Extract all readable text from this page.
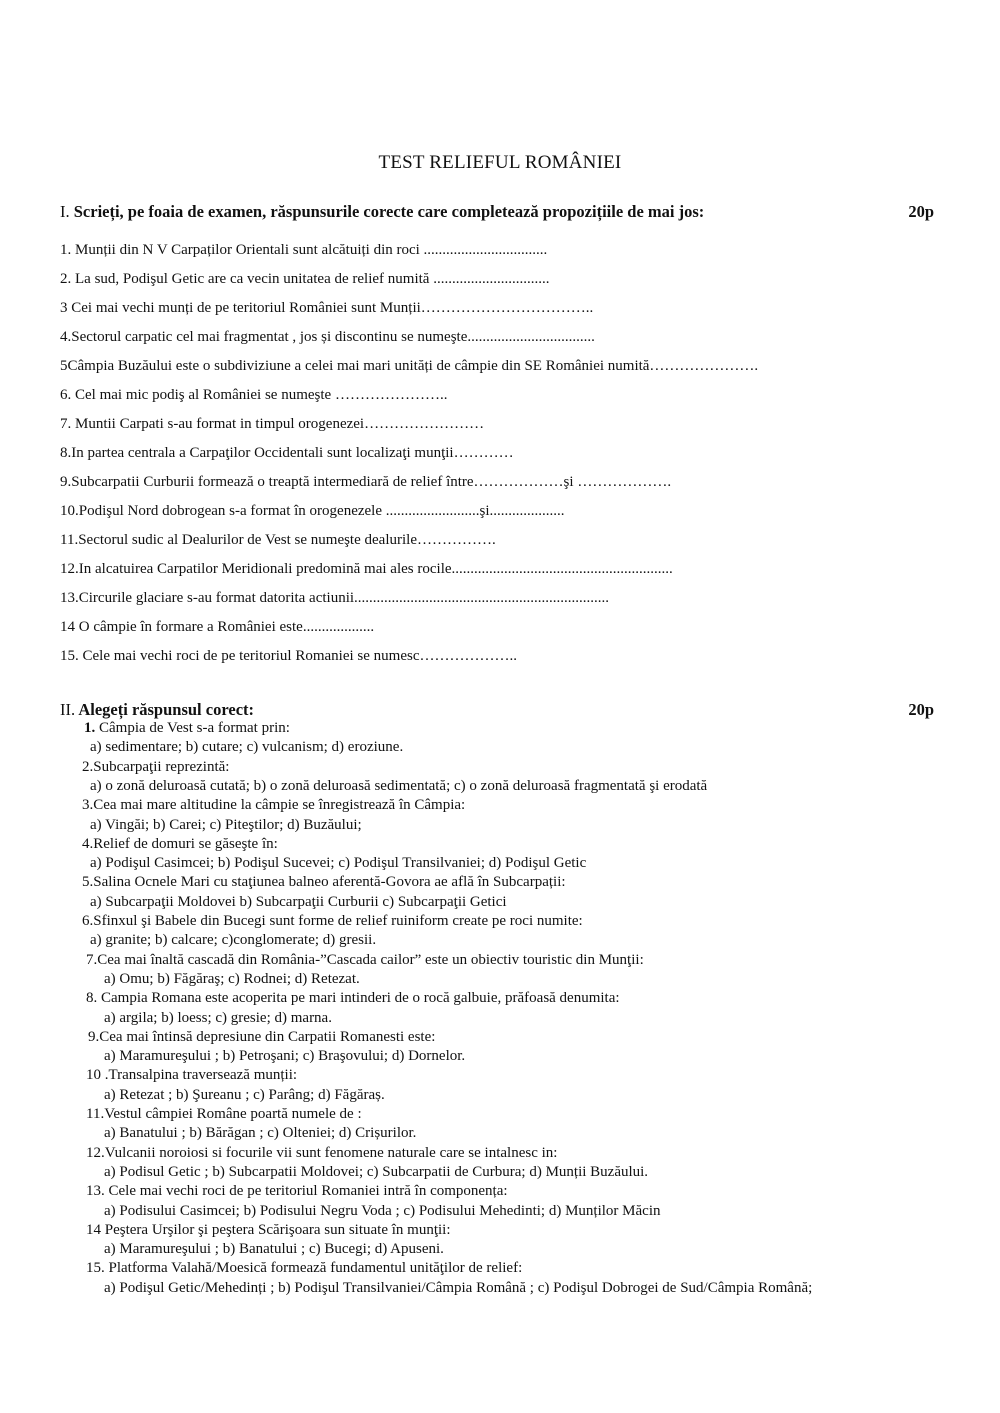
TEST RELIEFUL ROMÂNIEI
I. Scrieți, pe foaia de examen, răspunsurile corecte care completează propozițiile de mai jos:	20p
1. Munții din N V Carpaților Orientali sunt alcătuiți din roci .................................
2. La sud, Podişul Getic are ca vecin unitatea de relief numită ...............................
3 Cei mai vechi munți de pe teritoriul României sunt Munții……………………………..
4.Sectorul carpatic cel mai fragmentat , jos și discontinu se numeşte..................................
5Câmpia Buzăului este o subdiviziune a celei mai mari unități de câmpie din SE României numită………………….
6. Cel mai mic podiş al României se numeşte …………………..
7. Muntii Carpati s-au format in timpul orogenezei……………………
8.In partea centrala a Carpaţilor Occidentali sunt localizaţi munţii…………
9.Subcarpatii Curburii formează o treaptă intermediară de relief între………………şi ……………….
10.Podişul Nord dobrogean s-a format în orogenezele .........................şi....................
11.Sectorul sudic al Dealurilor de Vest se numeşte dealurile…………….
12.In alcatuirea Carpatilor Meridionali predomină mai ales rocile...........................................................
13.Circurile glaciare s-au format datorita actiunii....................................................................
14 O câmpie în formare a României este...................
15. Cele mai vechi roci de pe teritoriul Romaniei se numesc………………..
II. Alegeți răspunsul corect:	20p
1. Câmpia de Vest s-a format prin:
a) sedimentare; b) cutare; c) vulcanism; d) eroziune.
2.Subcarpaţii reprezintă:
a) o zonă deluroasă cutată; b) o zonă deluroasă sedimentată; c) o zonă deluroasă fragmentată şi erodată
3.Cea mai mare altitudine la câmpie se înregistrează în Câmpia:
a) Vingăi; b) Carei; c) Piteştilor; d) Buzăului;
4.Relief de domuri se găseşte în:
a) Podişul Casimcei; b) Podişul Sucevei; c) Podişul Transilvaniei; d) Podişul Getic
5.Salina Ocnele Mari cu staţiunea balneo aferentă-Govora ae află în Subcarpații:
a) Subcarpaţii Moldovei b) Subcarpaţii Curburii c) Subcarpaţii Getici
6.Sfinxul şi Babele din Bucegi sunt forme de relief ruiniform create pe roci numite:
a) granite; b) calcare; c)conglomerate; d) gresii.
7.Cea mai înaltă cascadă din România-”Cascada cailor” este un obiectiv touristic din Munţii:
a) Omu; b) Făgăraş; c) Rodnei; d) Retezat.
8. Campia Romana este acoperita pe mari intinderi de o rocă galbuie, prăfoasă denumita:
a) argila; b) loess; c) gresie; d) marna.
9.Cea mai întinsă depresiune din Carpatii Romanesti este:
a) Maramureşului ; b) Petroşani; c) Braşovului; d) Dornelor.
10 .Transalpina traversează munții:
a) Retezat ; b) Şureanu ; c) Parâng; d) Făgăraș.
11.Vestul câmpiei Române poartă numele de :
a) Banatului ; b) Bărăgan ; c) Olteniei; d) Crișurilor.
12.Vulcanii noroiosi si focurile vii sunt fenomene naturale care se intalnesc in:
a) Podisul Getic ; b) Subcarpatii Moldovei; c) Subcarpatii de Curbura; d) Munții Buzăului.
13. Cele mai vechi roci de pe teritoriul Romaniei intră în componența:
a) Podisului Casimcei; b) Podisului Negru Voda ; c) Podisului Mehedinti; d) Munților Măcin
14 Peştera Urşilor şi peştera Scărişoara sun situate în munţii:
a) Maramureşului ; b) Banatului ; c) Bucegi; d) Apuseni.
15. Platforma Valahă/Moesică formează fundamentul unităţilor de relief:
a) Podişul Getic/Mehedinți ; b) Podişul Transilvaniei/Câmpia Română ; c) Podişul Dobrogei de Sud/Câmpia Română;
